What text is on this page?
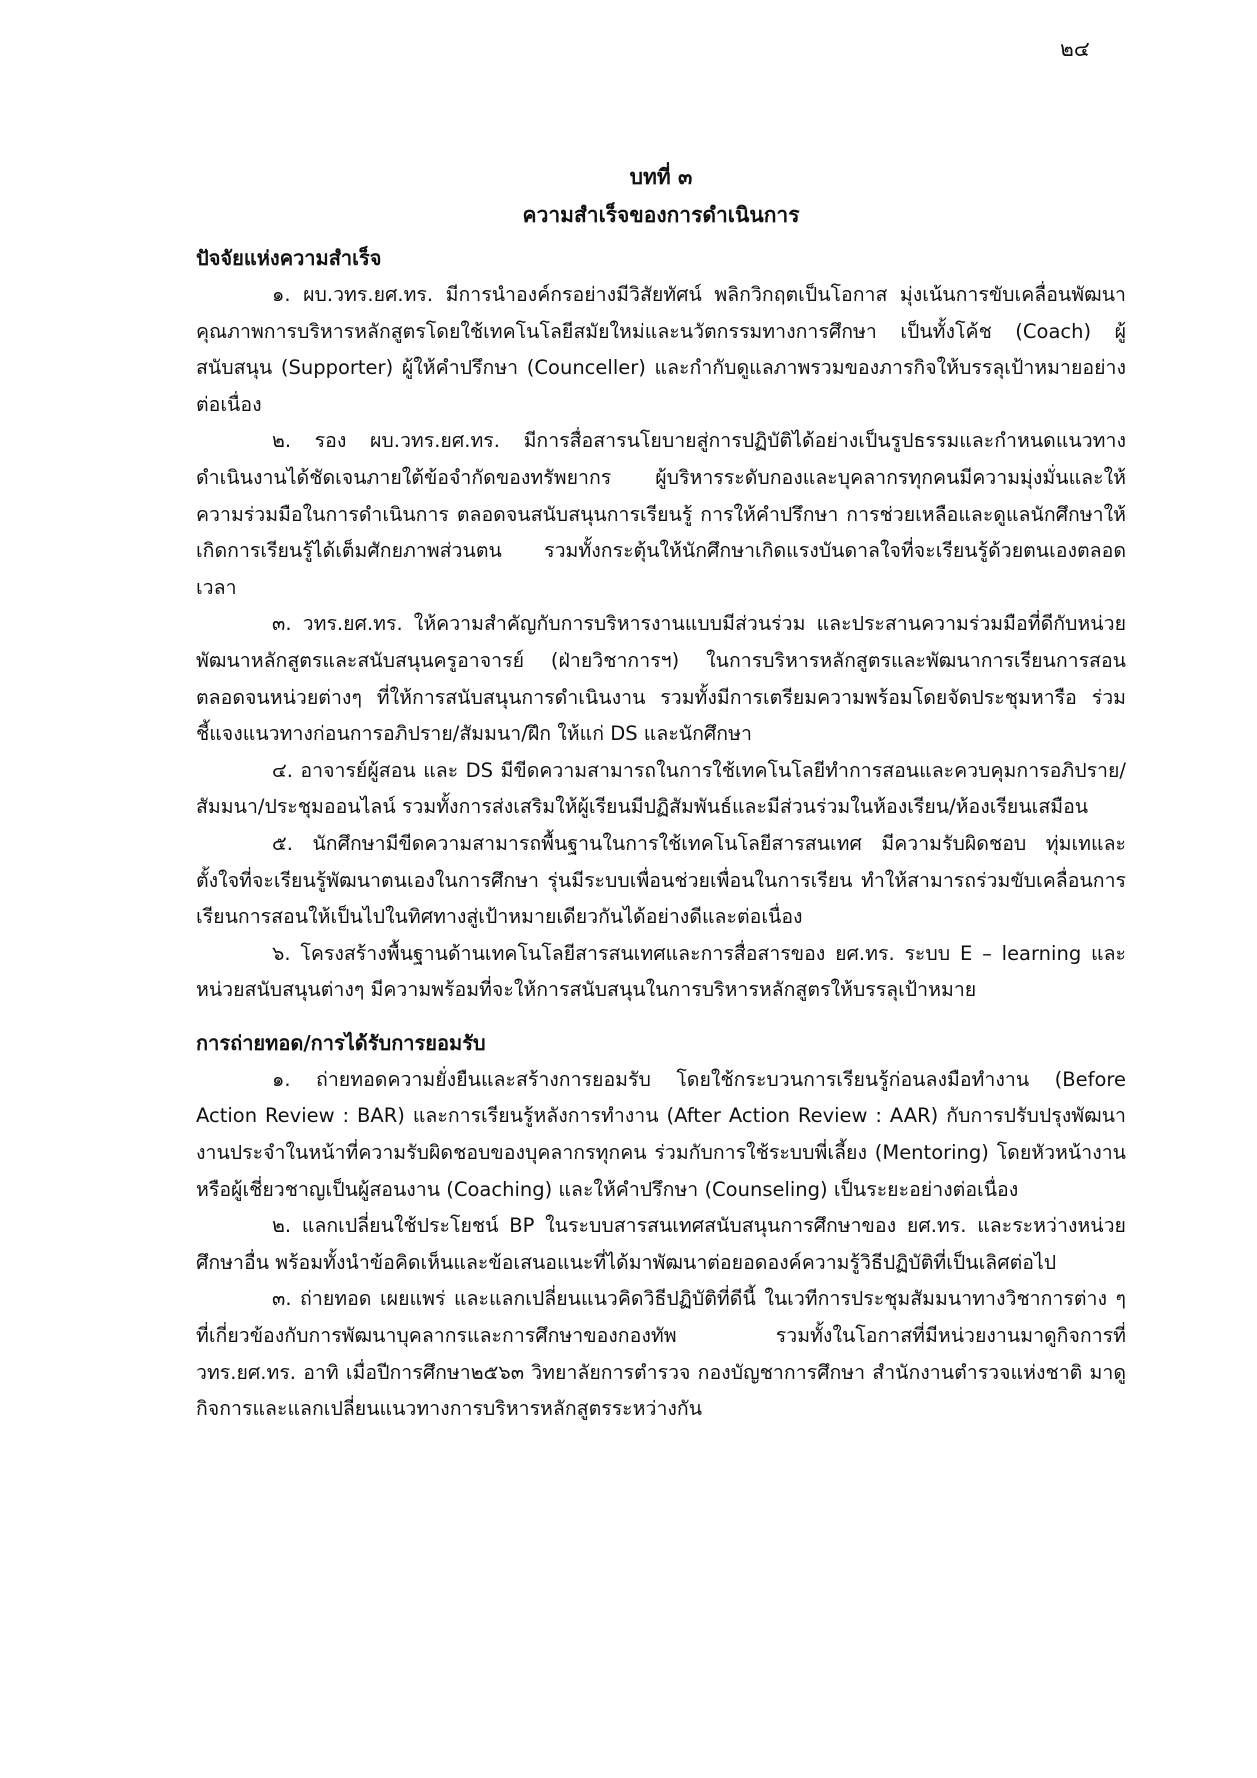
๒๔

บทที่ ๓

ความสำเร็จของการดำเนินการ

ปัจจัยแห่งความสำเร็จ

๑. ผบ.วทร.ยศ.ทร. มีการนำองค์กรอย่างมีวิสัยทัศน์ พลิกวิกฤตเป็นโอกาส มุ่งเน้นการขับเคลื่อนพัฒนาคุณภาพการบริหารหลักสูตรโดยใช้เทคโนโลยีสมัยใหม่และนวัตกรรมทางการศึกษา เป็นทั้งโค้ช (Coach) ผู้สนับสนุน (Supporter) ผู้ให้คำปรึกษา (Counceller) และกำกับดูแลภาพรวมของภารกิจให้บรรลุเป้าหมายอย่างต่อเนื่อง

๒. รอง ผบ.วทร.ยศ.ทร. มีการสื่อสารนโยบายสู่การปฏิบัติได้อย่างเป็นรูปธรรมและกำหนดแนวทางดำเนินงานได้ชัดเจนภายใต้ข้อจำกัดของทรัพยากร ผู้บริหารระดับกองและบุคลากรทุกคนมีความมุ่งมั่นและให้ความร่วมมือในการดำเนินการ ตลอดจนสนับสนุนการเรียนรู้ การให้คำปรึกษา การช่วยเหลือและดูแลนักศึกษาให้เกิดการเรียนรู้ได้เต็มศักยภาพส่วนตน รวมทั้งกระตุ้นให้นักศึกษาเกิดแรงบันดาลใจที่จะเรียนรู้ด้วยตนเองตลอดเวลา

๓. วทร.ยศ.ทร. ให้ความสำคัญกับการบริหารงานแบบมีส่วนร่วม และประสานความร่วมมือที่ดีกับหน่วยพัฒนาหลักสูตรและสนับสนุนครูอาจารย์ (ฝ่ายวิชาการฯ) ในการบริหารหลักสูตรและพัฒนาการเรียนการสอน ตลอดจนหน่วยต่างๆ ที่ให้การสนับสนุนการดำเนินงาน รวมทั้งมีการเตรียมความพร้อมโดยจัดประชุมหารือ ร่วมชี้แจงแนวทางก่อนการอภิปราย/สัมมนา/ฝึก ให้แก่ DS และนักศึกษา

๔. อาจารย์ผู้สอน และ DS มีขีดความสามารถในการใช้เทคโนโลยีทำการสอนและควบคุมการอภิปราย/สัมมนา/ประชุมออนไลน์ รวมทั้งการส่งเสริมให้ผู้เรียนมีปฏิสัมพันธ์และมีส่วนร่วมในห้องเรียน/ห้องเรียนเสมือน

๕. นักศึกษามีขีดความสามารถพื้นฐานในการใช้เทคโนโลยีสารสนเทศ มีความรับผิดชอบ ทุ่มเทและตั้งใจที่จะเรียนรู้พัฒนาตนเองในการศึกษา รุ่นมีระบบเพื่อนช่วยเพื่อนในการเรียน ทำให้สามารถร่วมขับเคลื่อนการเรียนการสอนให้เป็นไปในทิศทางสู่เป้าหมายเดียวกันได้อย่างดีและต่อเนื่อง

๖. โครงสร้างพื้นฐานด้านเทคโนโลยีสารสนเทศและการสื่อสารของ ยศ.ทร. ระบบ E – learning และหน่วยสนับสนุนต่างๆ มีความพร้อมที่จะให้การสนับสนุนในการบริหารหลักสูตรให้บรรลุเป้าหมาย

การถ่ายทอด/การได้รับการยอมรับ

๑. ถ่ายทอดความยั่งยืนและสร้างการยอมรับ โดยใช้กระบวนการเรียนรู้ก่อนลงมือทำงาน (Before Action Review : BAR) และการเรียนรู้หลังการทำงาน (After Action Review : AAR) กับการปรับปรุงพัฒนางานประจำในหน้าที่ความรับผิดชอบของบุคลากรทุกคน ร่วมกับการใช้ระบบพี่เลี้ยง (Mentoring) โดยหัวหน้างานหรือผู้เชี่ยวชาญเป็นผู้สอนงาน (Coaching) และให้คำปรึกษา (Counseling) เป็นระยะอย่างต่อเนื่อง

๒. แลกเปลี่ยนใช้ประโยชน์ BP ในระบบสารสนเทศสนับสนุนการศึกษาของ ยศ.ทร. และระหว่างหน่วยศึกษาอื่น พร้อมทั้งนำข้อคิดเห็นและข้อเสนอแนะที่ได้มาพัฒนาต่อยอดองค์ความรู้วิธีปฏิบัติที่เป็นเลิศต่อไป

๓. ถ่ายทอด เผยแพร่ และแลกเปลี่ยนแนวคิดวิธีปฏิบัติที่ดีนี้ ในเวทีการประชุมสัมมนาทางวิชาการต่าง ๆ ที่เกี่ยวข้องกับการพัฒนาบุคลากรและการศึกษาของกองทัพ รวมทั้งในโอกาสที่มีหน่วยงานมาดูกิจการที่ วทร.ยศ.ทร. อาทิ เมื่อปีการศึกษา๒๕๖๓ วิทยาลัยการตำรวจ กองบัญชาการศึกษา สำนักงานตำรวจแห่งชาติ มาดูกิจการและแลกเปลี่ยนแนวทางการบริหารหลักสูตรระหว่างกัน
